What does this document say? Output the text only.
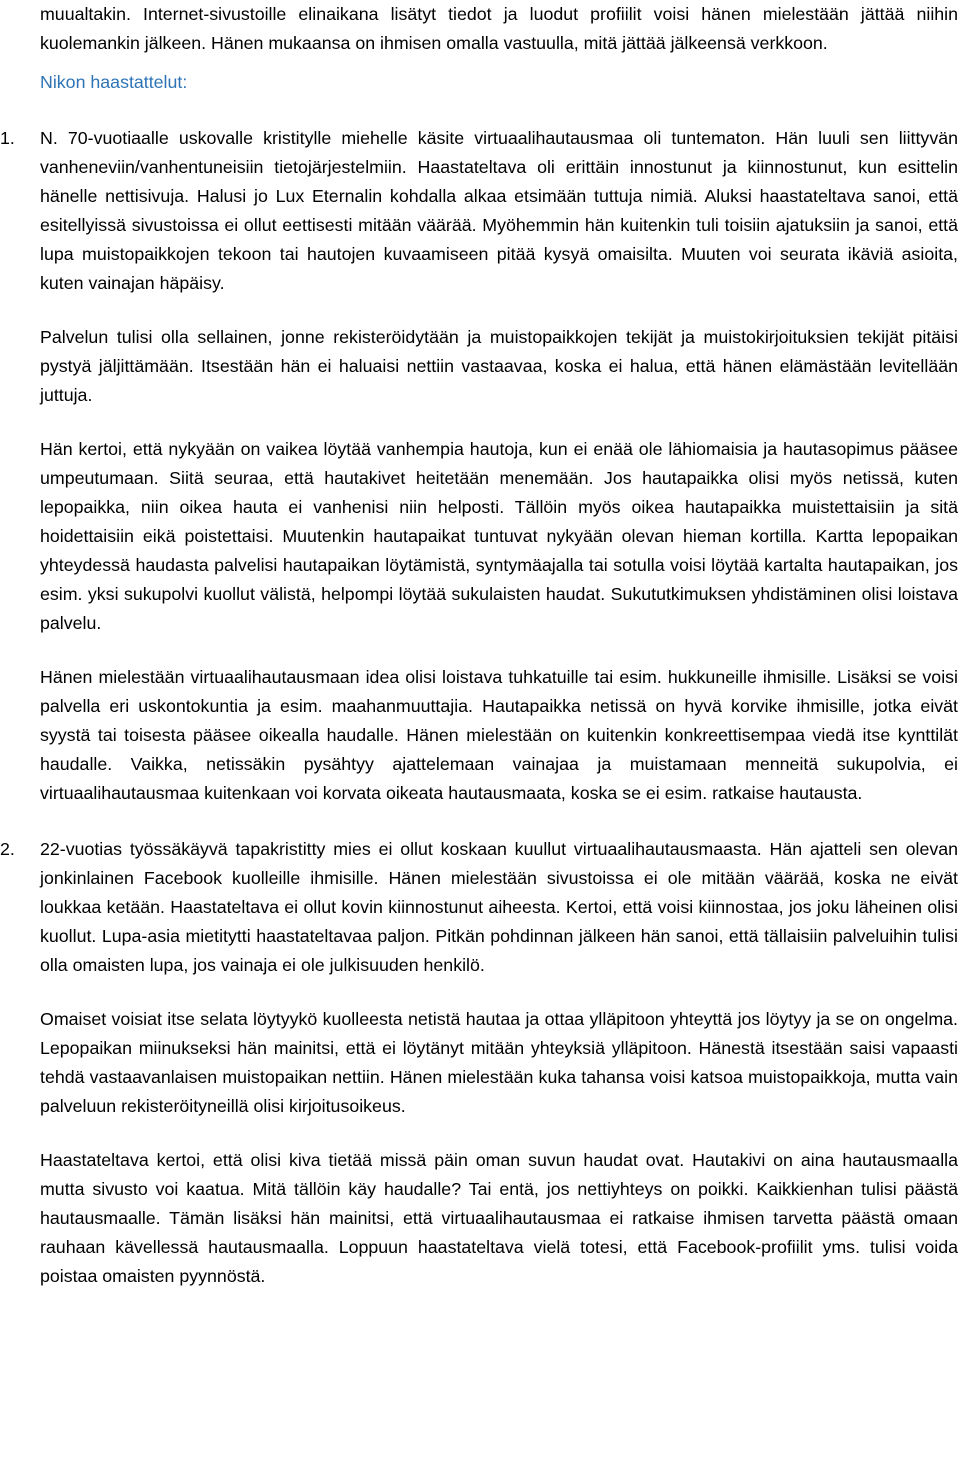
muualtakin. Internet-sivustoille elinaikana lisätyt tiedot ja luodut profiilit voisi hänen mielestään jättää niihin kuolemankin jälkeen. Hänen mukaansa on ihmisen omalla vastuulla, mitä jättää jälkeensä verkkoon.

Nikon haastattelut:
1. N. 70-vuotiaalle uskovalle kristitylle miehelle käsite virtuaalihautausmaa oli tuntematon. Hän luuli sen liittyvän vanheneviin/vanhentuneisiin tietojärjestelmiin. Haastateltava oli erittäin innostunut ja kiinnostunut, kun esittelin hänelle nettisivuja. Halusi jo Lux Eternalin kohdalla alkaa etsimään tuttuja nimiä. Aluksi haastateltava sanoi, että esitellyissä sivustoissa ei ollut eettisesti mitään väärää. Myöhemmin hän kuitenkin tuli toisiin ajatuksiin ja sanoi, että lupa muistopaikkojen tekoon tai hautojen kuvaamiseen pitää kysyä omaisilta. Muuten voi seurata ikäviä asioita, kuten vainajan häpäisy.

Palvelun tulisi olla sellainen, jonne rekisteröidytään ja muistopaikkojen tekijät ja muistokirjoituksien tekijät pitäisi pystyä jäljittämään. Itsestään hän ei haluaisi nettiin vastaavaa, koska ei halua, että hänen elämästään levitellään juttuja.

Hän kertoi, että nykyään on vaikea löytää vanhempia hautoja, kun ei enää ole lähiomaisia ja hautasopimus pääsee umpeutumaan. Siitä seuraa, että hautakivet heitetään menemään. Jos hautapaikka olisi myös netissä, kuten lepopaikka, niin oikea hauta ei vanhenisi niin helposti. Tällöin myös oikea hautapaikka muistettaisiin ja sitä hoidettaisiin eikä poistettaisi. Muutenkin hautapaikat tuntuvat nykyään olevan hieman kortilla. Kartta lepopaikan yhteydessä haudasta palvelisi hautapaikan löytämistä, syntymäajalla tai sotulla voisi löytää kartalta hautapaikan, jos esim. yksi sukupolvi kuollut välistä, helpompi löytää sukulaisten haudat. Sukututkimuksen yhdistäminen olisi loistava palvelu.

Hänen mielestään virtuaalihautausmaan idea olisi loistava tuhkatuille tai esim. hukkuneille ihmisille. Lisäksi se voisi palvella eri uskontokuntia ja esim. maahanmuuttajia. Hautapaikka netissä on hyvä korvike ihmisille, jotka eivät syystä tai toisesta pääsee oikealla haudalle. Hänen mielestään on kuitenkin konkreettisempaa viedä itse kynttilät haudalle. Vaikka, netissäkin pysähtyy ajattelemaan vainajaa ja muistamaan menneitä sukupolvia, ei virtuaalihautausmaa kuitenkaan voi korvata oikeata hautausmaata, koska se ei esim. ratkaise hautausta.

2. 22-vuotias työssäkäyvä tapakristitty mies ei ollut koskaan kuullut virtuaalihautausmaasta. Hän ajatteli sen olevan jonkinlainen Facebook kuolleille ihmisille. Hänen mielestään sivustoissa ei ole mitään väärää, koska ne eivät loukkaa ketään. Haastateltava ei ollut kovin kiinnostunut aiheesta. Kertoi, että voisi kiinnostaa, jos joku läheinen olisi kuollut. Lupa-asia mietitytti haastateltavaa paljon. Pitkän pohdinnan jälkeen hän sanoi, että tällaisiin palveluihin tulisi olla omaisten lupa, jos vainaja ei ole julkisuuden henkilö.

Omaiset voisiat itse selata löytyykö kuolleesta netistä hautaa ja ottaa ylläpitoon yhteyttä jos löytyy ja se on ongelma. Lepopaikan miinukseksi hän mainitsi, että ei löytänyt mitään yhteyksiä ylläpitoon. Hänestä itsestään saisi vapaasti tehdä vastaavanlaisen muistopaikan nettiin. Hänen mielestään kuka tahansa voisi katsoa muistopaikkoja, mutta vain palveluun rekisteröityneillä olisi kirjoitusoikeus.

Haastateltava kertoi, että olisi kiva tietää missä päin oman suvun haudat ovat. Hautakivi on aina hautausmaalla mutta sivusto voi kaatua. Mitä tällöin käy haudalle? Tai entä, jos nettiyhteys on poikki. Kaikkienhan tulisi päästä hautausmaalle. Tämän lisäksi hän mainitsi, että virtuaalihautausmaa ei ratkaise ihmisen tarvetta päästä omaan rauhaan kävellessä hautausmaalla. Loppuun haastateltava vielä totesi, että Facebook-profiilit yms. tulisi voida poistaa omaisten pyynnöstä.
